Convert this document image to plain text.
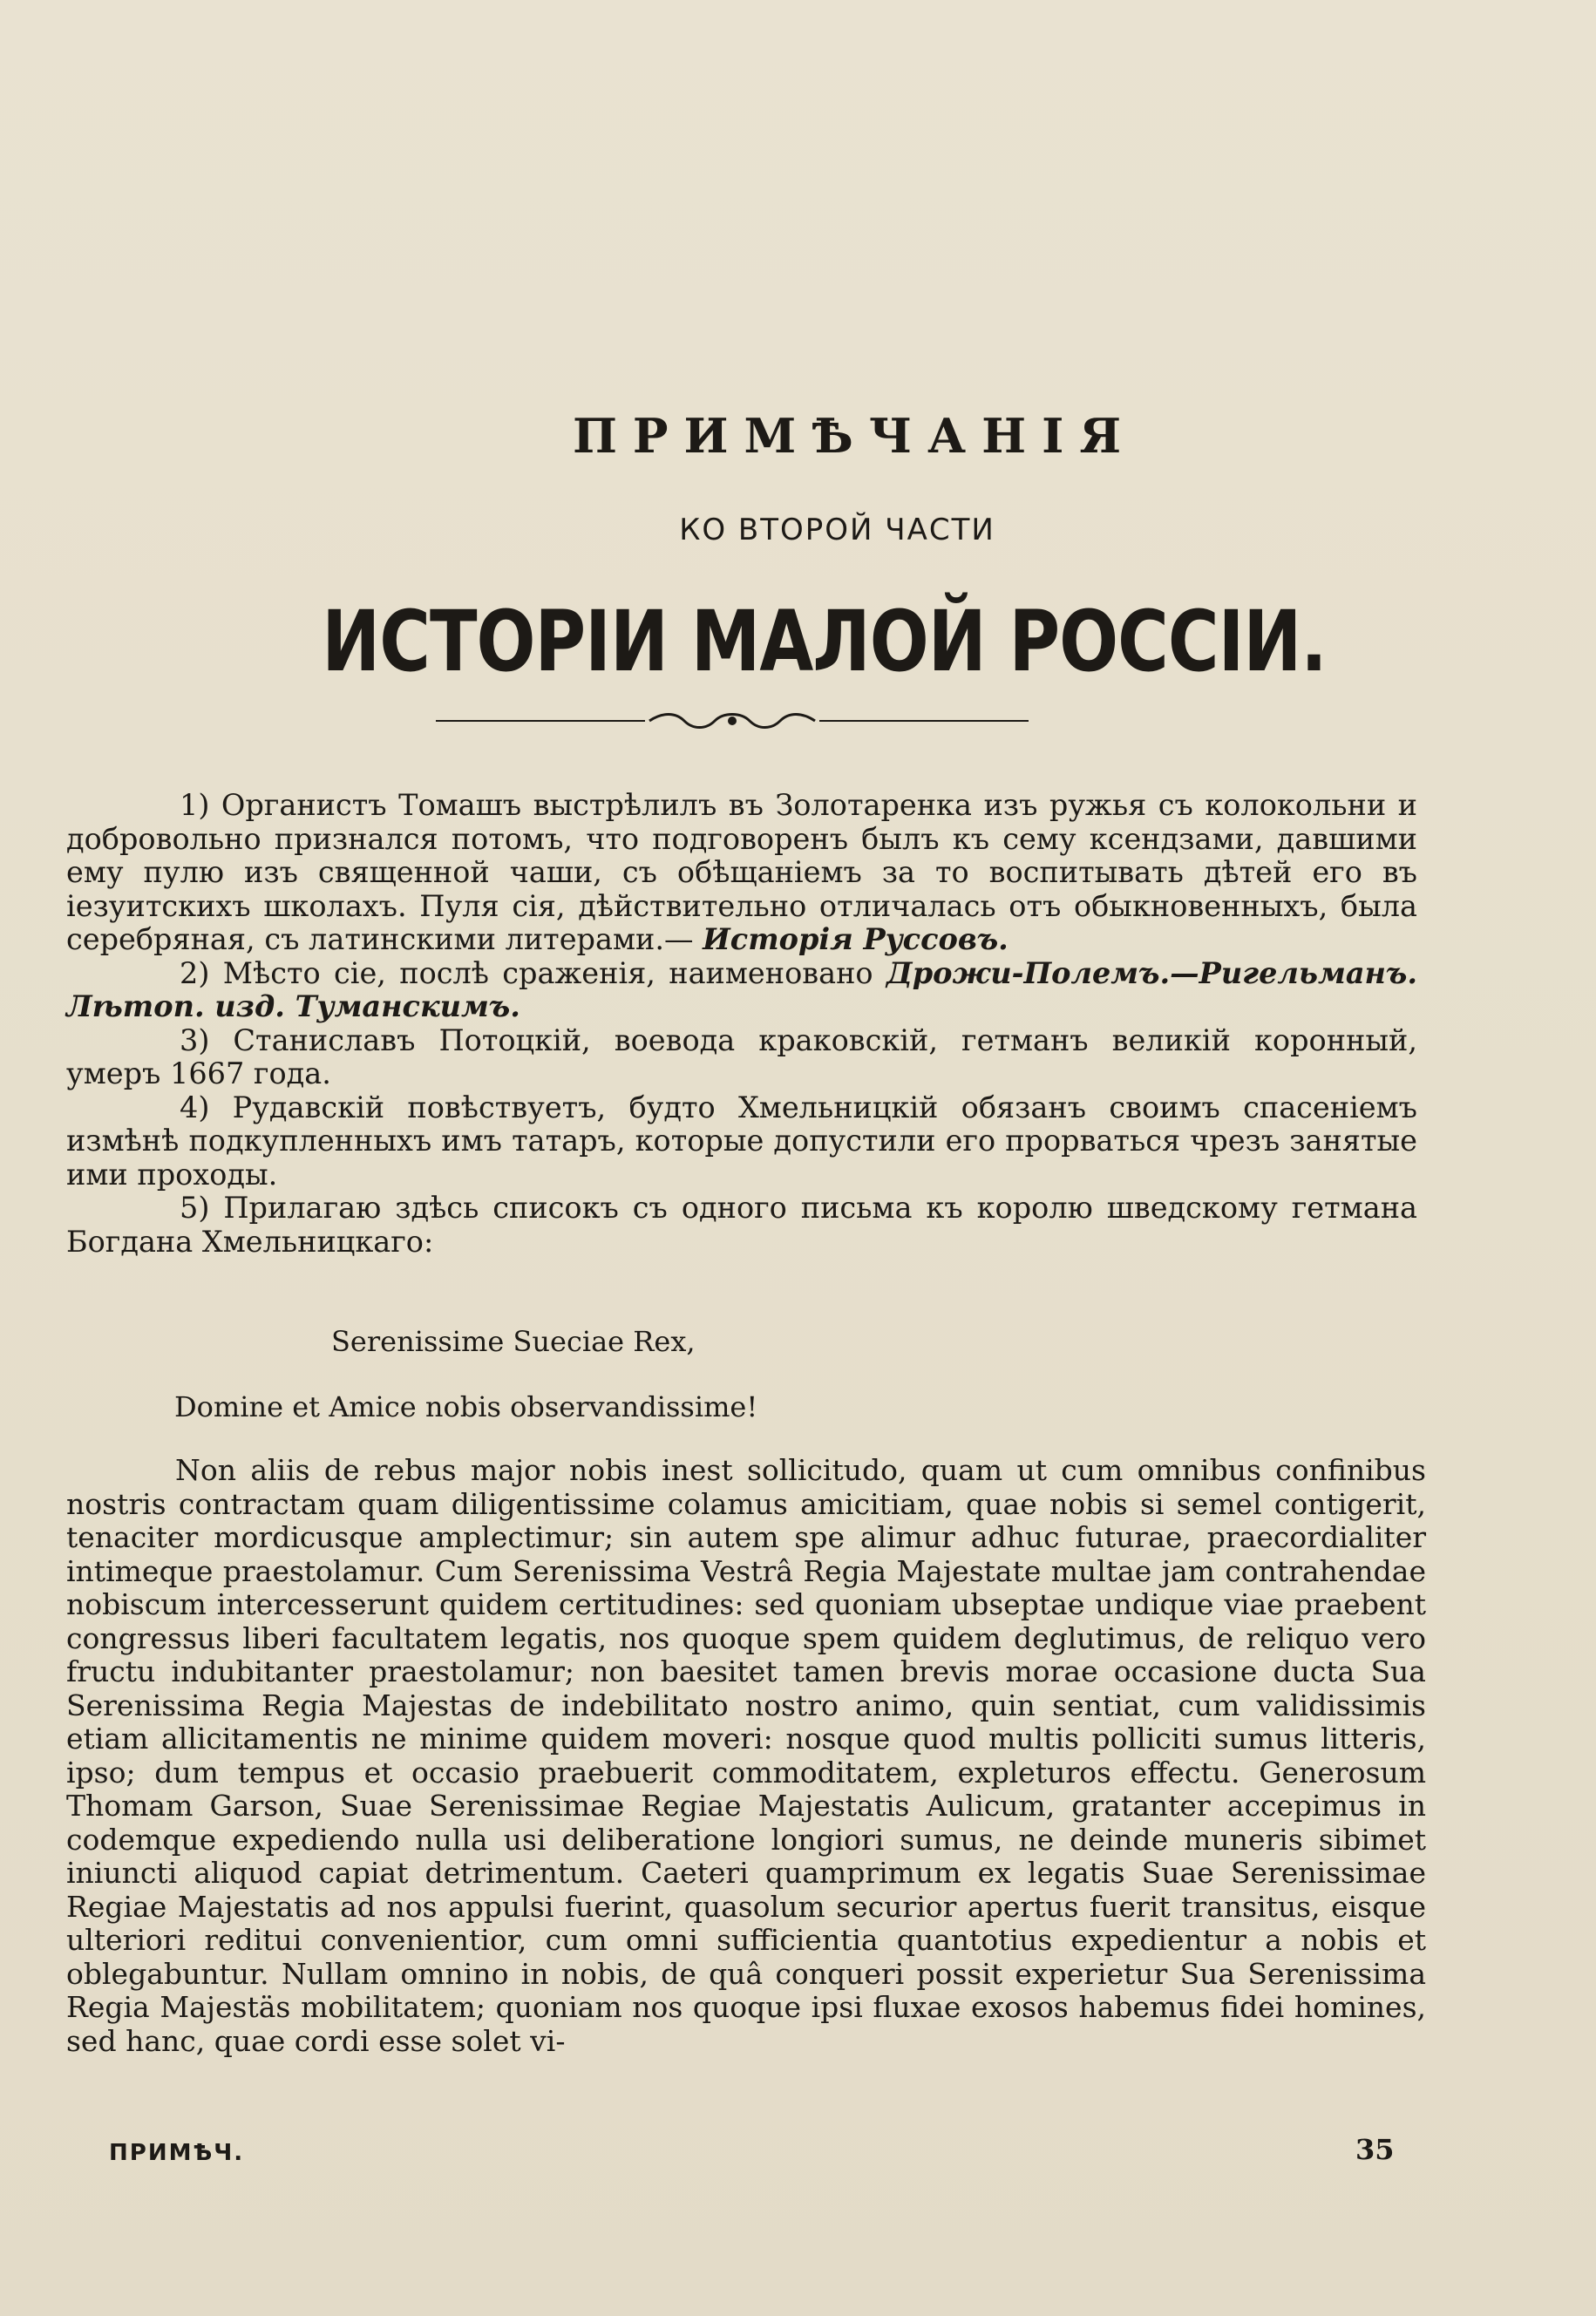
ПРИМѢЧАНІЯ
КО ВТОРОЙ ЧАСТИ
ИСТОРІИ МАЛОЙ РОССІИ.

1) Органистъ Томашъ выстрѣлилъ въ Золотаренка изъ ружья съ колокольни и добровольно признался потомъ, что подговоренъ былъ къ сему ксендзами, давшими ему пулю изъ священной чаши, съ обѣщаніемъ за то воспитывать дѣтей его въ іезуитскихъ школахъ. Пуля сія, дѣйствительно отличалась отъ обыкновенныхъ, была серебряная, съ латинскими литерами.— Исторія Руссовъ.

2) Мѣсто сіе, послѣ сраженія, наименовано Дрожи-Полемъ.—Ригельманъ. Лѣтоп. изд. Туманскимъ.

3) Станиславъ Потоцкій, воевода краковскій, гетманъ великій коронный, умеръ 1667 года.

4) Рудавскій повѣствуетъ, будто Хмельницкій обязанъ своимъ спасеніемъ измѣнѣ подкупленныхъ имъ татаръ, которые допустили его прорваться чрезъ занятые ими проходы.

5) Прилагаю здѣсь списокъ съ одного письма къ королю шведскому гетмана Богдана Хмельницкаго:

Serenissime Sueciae Rex,
Domine et Amice nobis observandissime!

Non aliis de rebus major nobis inest sollicitudo, quam ut cum omnibus confinibus nostris contractam quam diligentissime colamus amicitiam, quae nobis si semel contigerit, tenaciter mordicusque amplectimur; sin autem spe alimur adhuc futurae, praecordialiter intimeque praestolamur. Cum Serenissima Vestrâ Regia Majestate multae jam contrahendae nobiscum intercesserunt quidem certitudines: sed quoniam ubseptae undique viae praebent congressus liberi facultatem legatis, nos quoque spem quidem deglutimus, de reliquo vero fructu indubitanter praestolamur; non baesitet tamen brevis morae occasione ducta Sua Serenissima Regia Majestas de indebilitato nostro animo, quin sentiat, cum validissimis etiam allicitamentis ne minime quidem moveri: nosque quod multis polliciti sumus litteris, ipso; dum tempus et occasio praebuerit commoditatem, expleturos effectu. Generosum Thomam Garson, Suae Serenissimae Regiae Majestatis Aulicum, gratanter accepimus in codemque expediendo nulla usi deliberatione longiori sumus, ne deinde muneris sibimet iniuncti aliquod capiat detrimentum. Caeteri quamprimum ex legatis Suae Serenissimae Regiae Majestatis ad nos appulsi fuerint, quasolum securior apertus fuerit transitus, eisque ulteriori reditui convenientior, cum omni sufficientia quantotius expedientur a nobis et oblegabuntur. Nullam omnino in nobis, de quâ conqueri possit experietur Sua Serenissima Regia Majestäs mobilitatem; quoniam nos quoque ipsi fluxae exosos habemus fidei homines, sed hanc, quae cordi esse solet vi-

ПРИМѢЧ.	35
